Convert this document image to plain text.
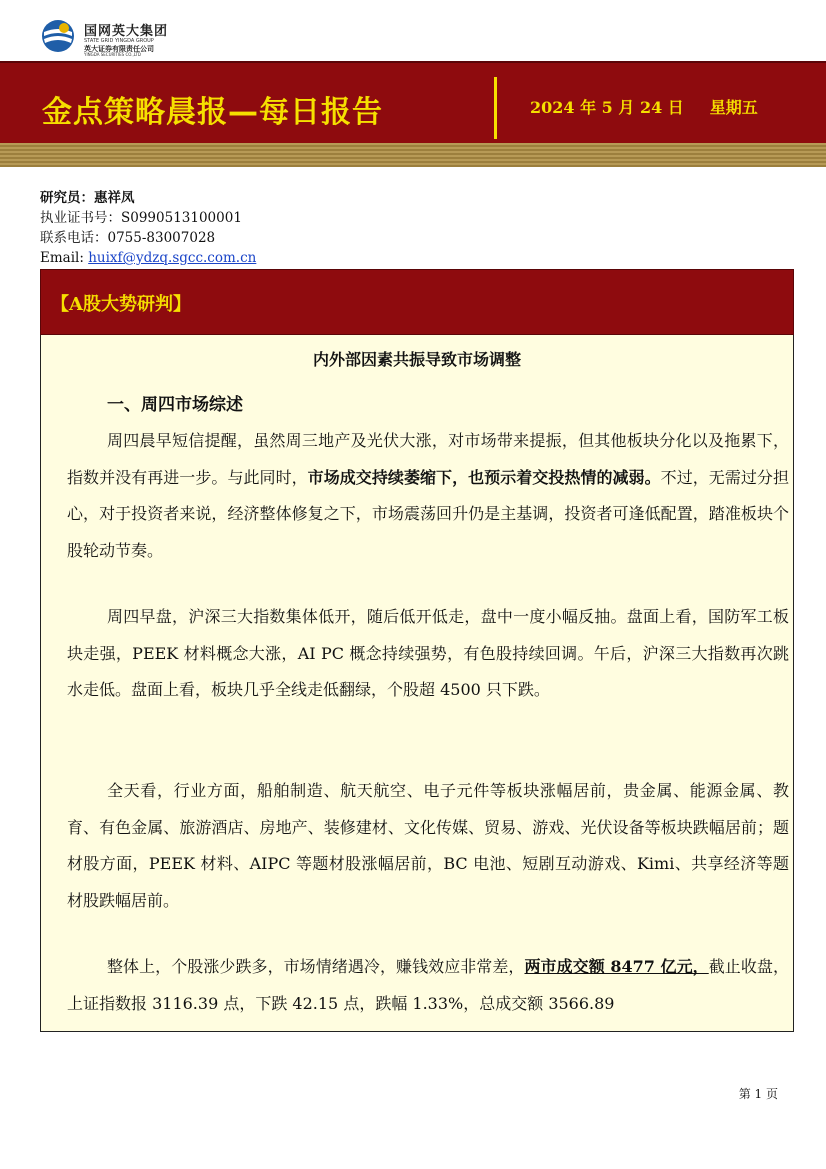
国网英大集团
STATE GRID YINGDA GROUP
英大证券有限责任公司
YINGDA SECURITIES CO.,LTD
金点策略晨报—每日报告	2024 年 5 月 24 日 星期五
研究员：惠祥凤
执业证书号：S0990513100001
联系电话：0755-83007028
Email: huixf@ydzq.sgcc.com.cn
【A股大势研判】
内外部因素共振导致市场调整
一、周四市场综述

周四晨早短信提醒，虽然周三地产及光伏大涨，对市场带来提振，但其他板块分化以及拖累下，指数并没有再进一步。与此同时，市场成交持续萎缩下，也预示着交投热情的减弱。不过，无需过分担心，对于投资者来说，经济整体修复之下，市场震荡回升仍是主基调，投资者可逢低配置，踏准板块个股轮动节奏。

周四早盘，沪深三大指数集体低开，随后低开低走，盘中一度小幅反抽。盘面上看，国防军工板块走强，PEEK 材料概念大涨，AI PC 概念持续强势，有色股持续回调。午后，沪深三大指数再次跳水走低。盘面上看，板块几乎全线走低翻绿，个股超 4500 只下跌。

全天看，行业方面，船舶制造、航天航空、电子元件等板块涨幅居前，贵金属、能源金属、教育、有色金属、旅游酒店、房地产、装修建材、文化传媒、贸易、游戏、光伏设备等板块跌幅居前；题材股方面，PEEK 材料、AIPC 等题材股涨幅居前，BC 电池、短剧互动游戏、Kimi、共享经济等题材股跌幅居前。

整体上，个股涨少跌多，市场情绪遇冷，赚钱效应非常差，两市成交额 8477 亿元，截止收盘，上证指数报 3116.39 点，下跌 42.15 点，跌幅 1.33%，总成交额 3566.89

第 1 页
